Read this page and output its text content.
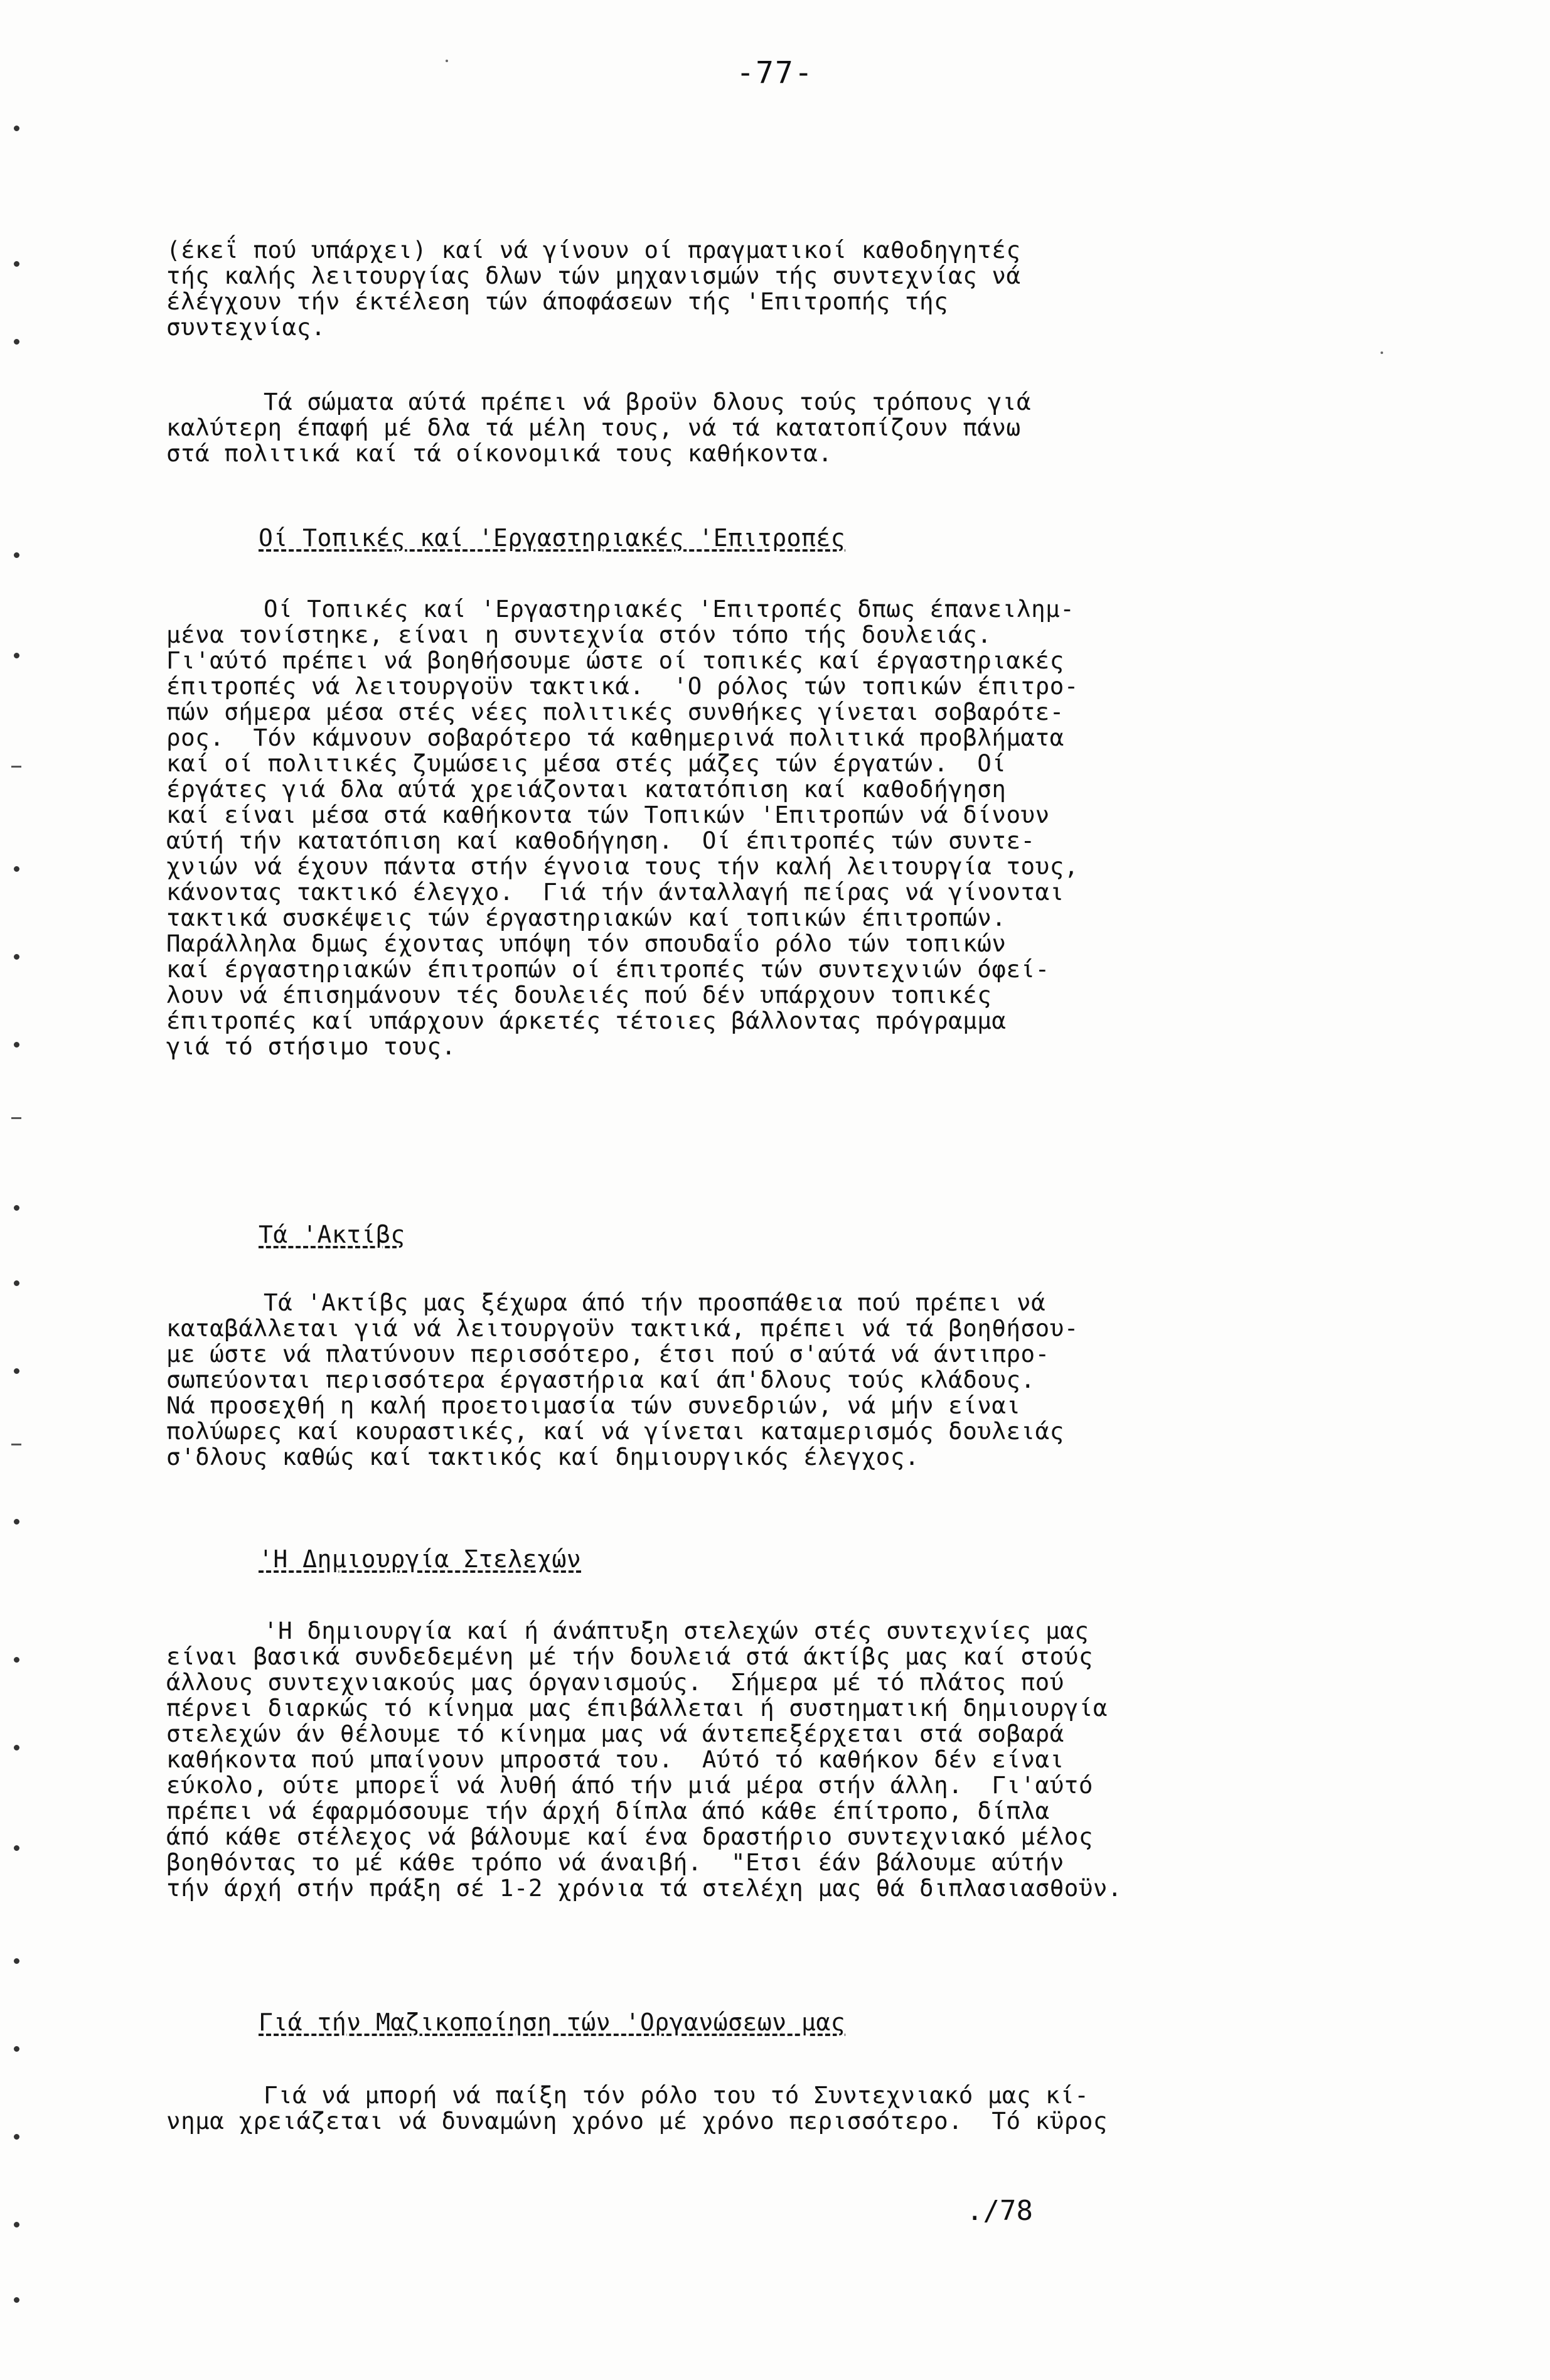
-77-
(έκεΐ πού υπάρχει) καί νά γίνουν οί πραγματικοί καθοδηγητές
τής καλής λειτουργίας δλων τών μηχανισμών τής συντεχνίας νά
έλέγχουν τήν έκτέλεση τών άποφάσεων τής 'Επιτροπής τής
συντεχνίας.
Τά σώματα αύτά πρέπει νά βροϋν δλους τούς τρόπους γιά
καλύτερη έπαφή μέ δλα τά μέλη τους, νά τά κατατοπίζουν πάνω
στά πολιτικά καί τά οίκονομικά τους καθήκοντα.
Οί Τοπικές καί 'Εργαστηριακές 'Επιτροπές
Οί Τοπικές καί 'Εργαστηριακές 'Επιτροπές δπως έπανειλημ-
μένα τονίστηκε, είναι η συντεχνία στόν τόπο τής δουλειάς.
Γι'αύτό πρέπει νά βοηθήσουμε ώστε οί τοπικές καί έργαστηριακές
έπιτροπές νά λειτουργοϋν τακτικά.  'Ο ρόλος τών τοπικών έπιτρο-
πών σήμερα μέσα στές νέες πολιτικές συνθήκες γίνεται σοβαρότε-
ρος.  Τόν κάμνουν σοβαρότερο τά καθημερινά πολιτικά προβλήματα
καί οί πολιτικές ζυμώσεις μέσα στές μάζες τών έργατών.  Οί
έργάτες γιά δλα αύτά χρειάζονται κατατόπιση καί καθοδήγηση
καί είναι μέσα στά καθήκοντα τών Τοπικών 'Επιτροπών νά δίνουν
αύτή τήν κατατόπιση καί καθοδήγηση.  Οί έπιτροπές τών συντε-
χνιών νά έχουν πάντα στήν έγνοια τους τήν καλή λειτουργία τους,
κάνοντας τακτικό έλεγχο.  Γιά τήν άνταλλαγή πείρας νά γίνονται
τακτικά συσκέψεις τών έργαστηριακών καί τοπικών έπιτροπών.
Παράλληλα δμως έχοντας υπόψη τόν σπουδαΐο ρόλο τών τοπικών
καί έργαστηριακών έπιτροπών οί έπιτροπές τών συντεχνιών όφεί-
λουν νά έπισημάνουν τές δουλειές πού δέν υπάρχουν τοπικές
έπιτροπές καί υπάρχουν άρκετές τέτοιες βάλλοντας πρόγραμμα
γιά τό στήσιμο τους.
Τά 'Ακτίβς
Τά 'Ακτίβς μας ξέχωρα άπό τήν προσπάθεια πού πρέπει νά
καταβάλλεται γιά νά λειτουργοϋν τακτικά, πρέπει νά τά βοηθήσου-
με ώστε νά πλατύνουν περισσότερο, έτσι πού σ'αύτά νά άντιπρο-
σωπεύονται περισσότερα έργαστήρια καί άπ'δλους τούς κλάδους.
Νά προσεχθή η καλή προετοιμασία τών συνεδριών, νά μήν είναι
πολύωρες καί κουραστικές, καί νά γίνεται καταμερισμός δουλειάς
σ'δλους καθώς καί τακτικός καί δημιουργικός έλεγχος.
'Η Δημιουργία Στελεχών
'Η δημιουργία καί ή άνάπτυξη στελεχών στές συντεχνίες μας
είναι βασικά συνδεδεμένη μέ τήν δουλειά στά άκτίβς μας καί στούς
άλλους συντεχνιακούς μας όργανισμούς.  Σήμερα μέ τό πλάτος πού
πέρνει διαρκώς τό κίνημα μας έπιβάλλεται ή συστηματική δημιουργία
στελεχών άν θέλουμε τό κίνημα μας νά άντεπεξέρχεται στά σοβαρά
καθήκοντα πού μπαίνουν μπροστά του.  Αύτό τό καθήκον δέν είναι
εύκολο, ούτε μπορεΐ νά λυθή άπό τήν μιά μέρα στήν άλλη.  Γι'αύτό
πρέπει νά έφαρμόσουμε τήν άρχή δίπλα άπό κάθε έπίτροπο, δίπλα
άπό κάθε στέλεχος νά βάλουμε καί ένα δραστήριο συντεχνιακό μέλος
βοηθόντας το μέ κάθε τρόπο νά άναιβή.  "Ετσι έάν βάλουμε αύτήν
τήν άρχή στήν πράξη σέ 1-2 χρόνια τά στελέχη μας θά διπλασιασθοϋν.
Γιά τήν Μαζικοποίηση τών 'Οργανώσεων μας
Γιά νά μπορή νά παίξη τόν ρόλο του τό Συντεχνιακό μας κί-
νημα χρειάζεται νά δυναμώνη χρόνο μέ χρόνο περισσότερο.  Τό κϋρος
./78
